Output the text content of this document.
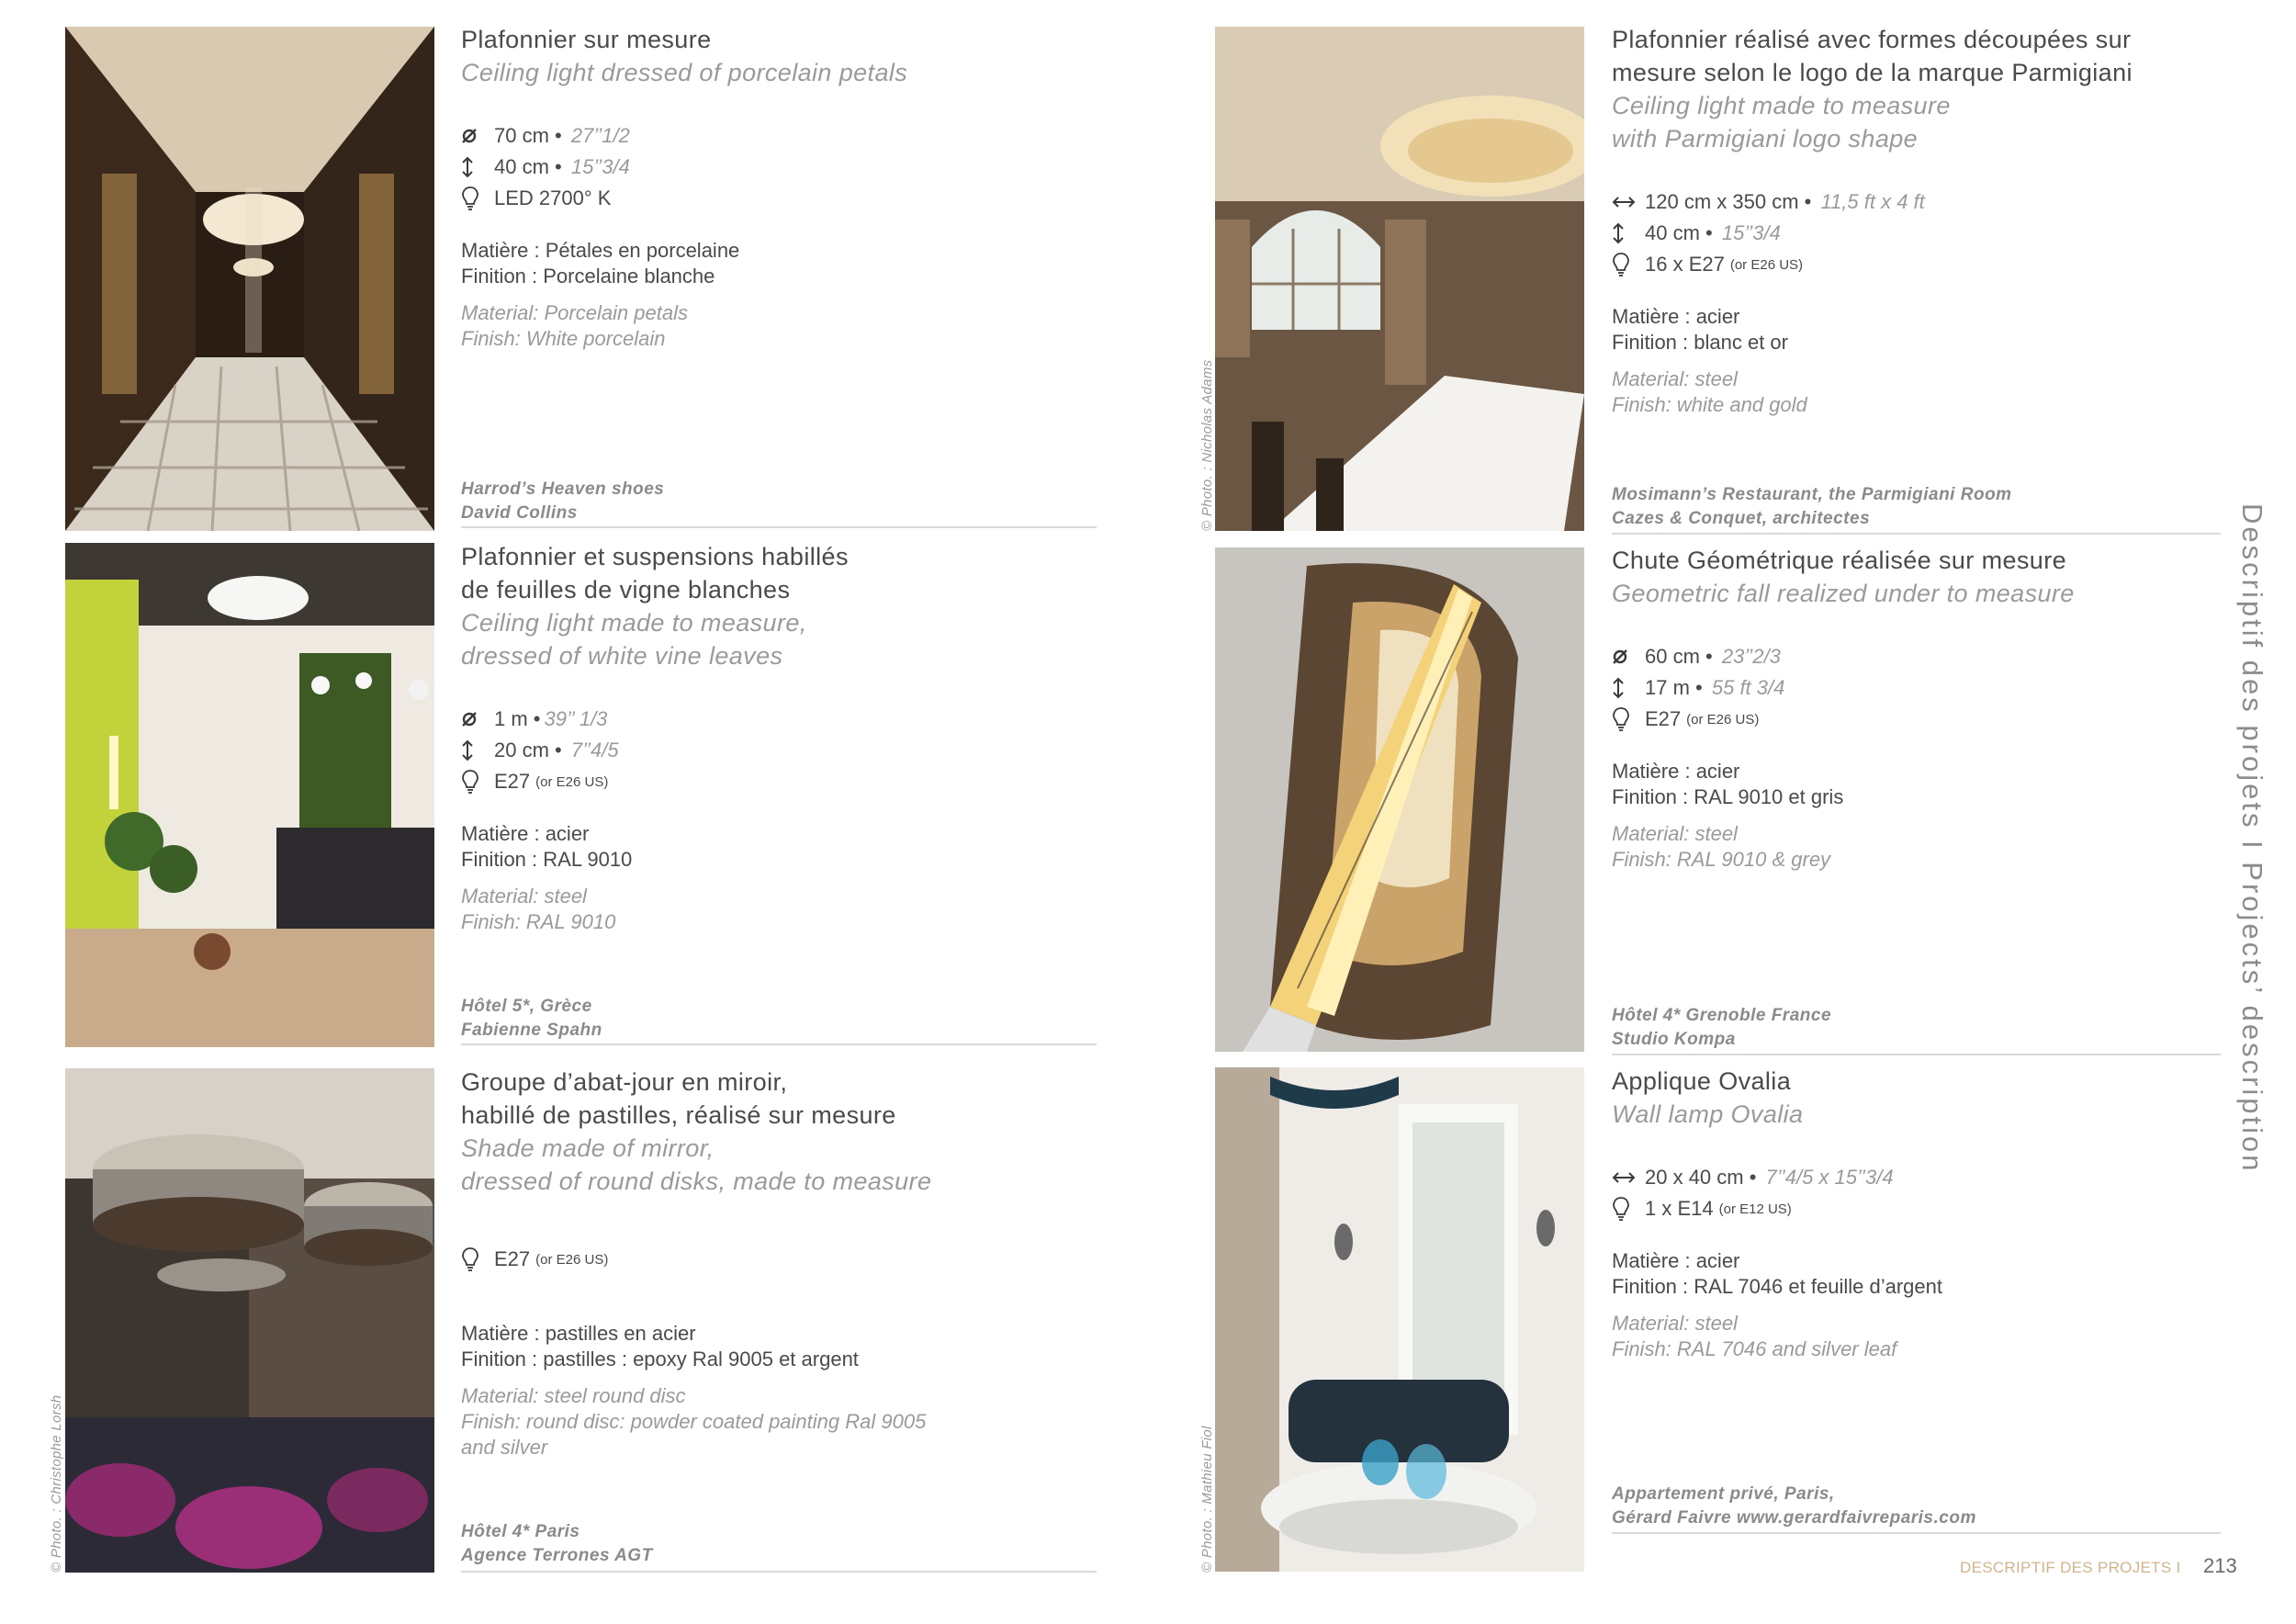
Plafonnier sur mesure
Ceiling light dressed of porcelain petals
70 cm •
27’’1/2
40 cm •
15’’3/4
LED 2700° K
Matière : Pétales en porcelaine
Finition : Porcelaine blanche
Material: Porcelain petals
Finish: White porcelain
Harrod’s Heaven shoes
David Collins
Plafonnier et suspensions habillés
de feuilles de vigne blanches
Ceiling light made to measure,
dressed of white vine leaves
1 m • 39’’ 1/3
20 cm •
7’’4/5
E27 (or E26 US)
Matière : acier
Finition : RAL 9010
Material: steel
Finish: RAL 9010
Hôtel 5*, Grèce
Fabienne Spahn
Groupe d’abat-jour en miroir,
habillé de pastilles, réalisé sur mesure
Shade made of mirror,
dressed of round disks, made to measure
E27 (or E26 US)
Matière : pastilles en acier
Finition : pastilles : epoxy Ral 9005 et argent
Material: steel round disc
Finish: round disc: powder coated painting Ral 9005
and silver
Hôtel 4* Paris
Agence Terrones AGT
Plafonnier réalisé avec formes découpées sur
mesure selon le logo de la marque Parmigiani
Ceiling light made to measure
with Parmigiani logo shape
120 cm x 350 cm •
11,5 ft x 4 ft
40 cm •
15’’3/4
16 x E27 (or E26 US)
Matière : acier
Finition : blanc et or
Material: steel
Finish: white and gold
Mosimann’s Restaurant, the Parmigiani Room
Cazes & Conquet, architectes
Chute Géométrique réalisée sur mesure
Geometric fall realized under to measure
60 cm •
23’’2/3
17 m •
55 ft 3/4
E27 (or E26 US)
Matière : acier
Finition : RAL 9010 et gris
Material: steel
Finish: RAL 9010 & grey
Hôtel 4* Grenoble France
Studio Kompa
Applique Ovalia
Wall lamp Ovalia
20 x 40 cm •
7’’4/5 x 15’’3/4
1 x E14 (or E12 US)
Matière : acier
Finition : RAL 7046 et feuille d’argent
Material: steel
Finish: RAL 7046 and silver leaf
Appartement privé, Paris,
Gérard Faivre www.gerardfaivreparis.com
© Photo. : Nicholas Adams
© Photo. : Christophe Lorsh	© Photo. : Mathieu Fiol
Descriptif des projets I Projects’ description
DESCRIPTIF DES PROJETS I 213
